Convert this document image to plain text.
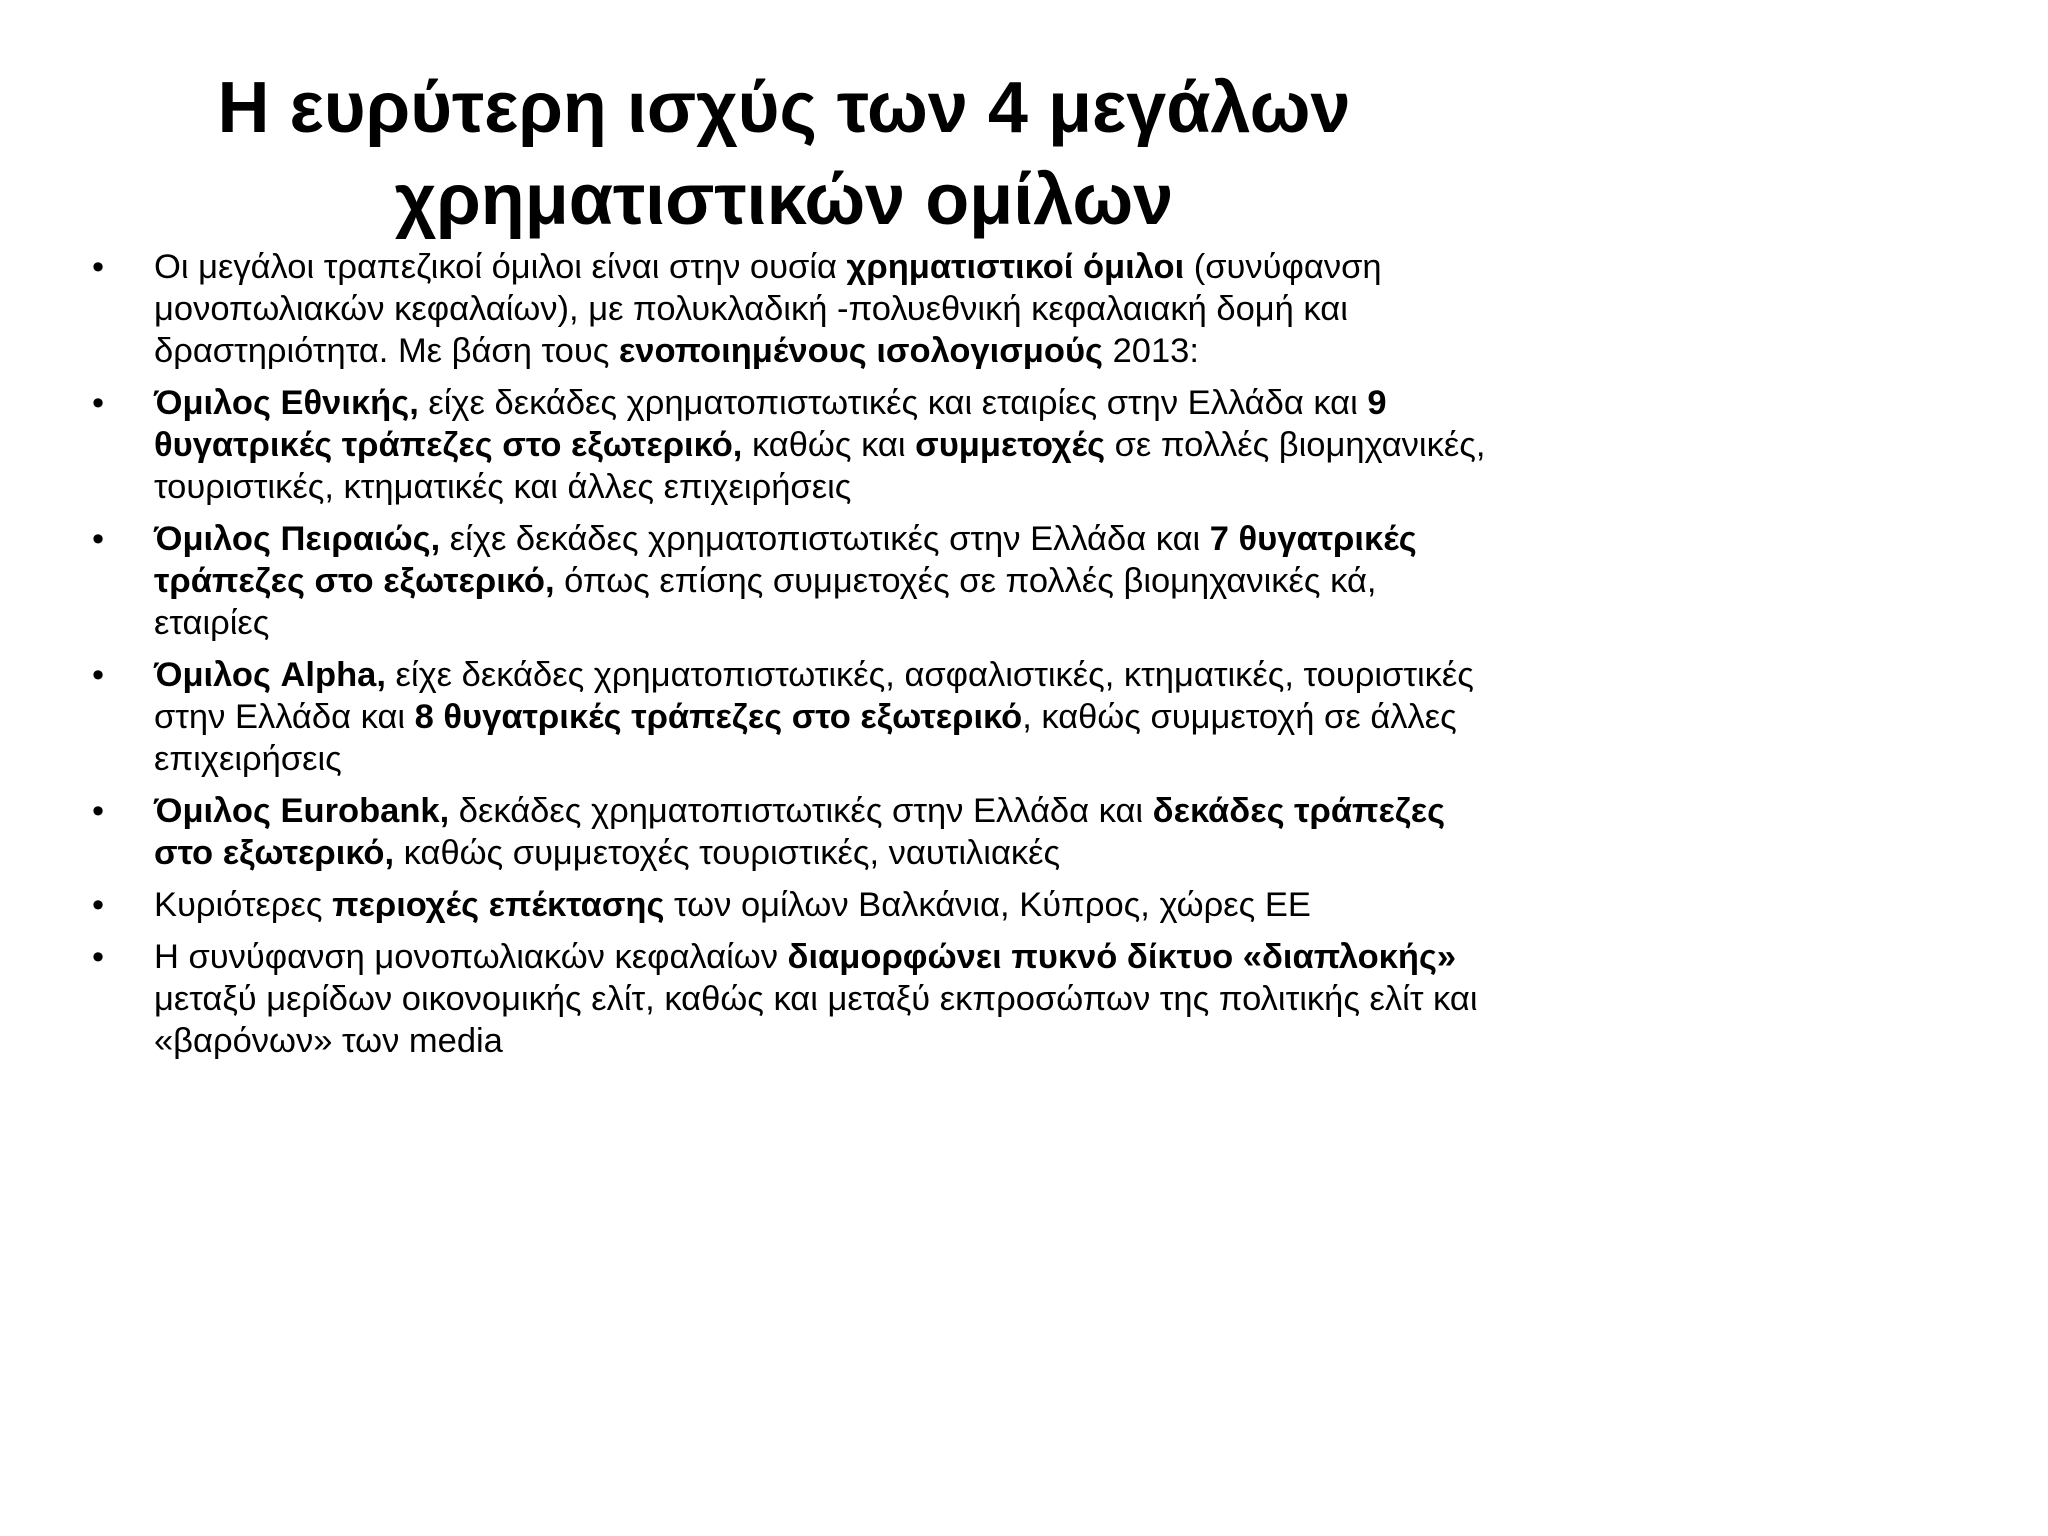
Η ευρύτερη ισχύς των 4 μεγάλων
χρηματιστικών ομίλων
•	Οι μεγάλοι τραπεζικοί όμιλοι είναι στην ουσία χρηματιστικοί όμιλοι (συνύφανση μονοπωλιακών κεφαλαίων), με πολυκλαδική -πολυεθνική κεφαλαιακή δομή και δραστηριότητα. Με βάση τους ενοποιημένους ισολογισμούς 2013:
•	Όμιλος Εθνικής, είχε δεκάδες χρηματοπιστωτικές και εταιρίες στην Ελλάδα και 9 θυγατρικές τράπεζες στο εξωτερικό, καθώς και συμμετοχές σε πολλές βιομηχανικές, τουριστικές, κτηματικές και άλλες επιχειρήσεις
•	Όμιλος Πειραιώς, είχε δεκάδες χρηματοπιστωτικές στην Ελλάδα και 7 θυγατρικές τράπεζες στο εξωτερικό, όπως επίσης συμμετοχές σε πολλές βιομηχανικές κά, εταιρίες
•	Όμιλος Alpha, είχε δεκάδες χρηματοπιστωτικές, ασφαλιστικές, κτηματικές, τουριστικές στην Ελλάδα και 8 θυγατρικές τράπεζες στο εξωτερικό, καθώς συμμετοχή σε άλλες επιχειρήσεις
•	Όμιλος Eurobank, δεκάδες χρηματοπιστωτικές στην Ελλάδα και δεκάδες τράπεζες στο εξωτερικό, καθώς συμμετοχές τουριστικές, ναυτιλιακές
•	Κυριότερες περιοχές επέκτασης των ομίλων Βαλκάνια, Κύπρος, χώρες ΕΕ
•	Η συνύφανση μονοπωλιακών κεφαλαίων διαμορφώνει πυκνό δίκτυο «διαπλοκής» μεταξύ μερίδων οικονομικής ελίτ, καθώς και μεταξύ εκπροσώπων της πολιτικής ελίτ και «βαρόνων» των media
